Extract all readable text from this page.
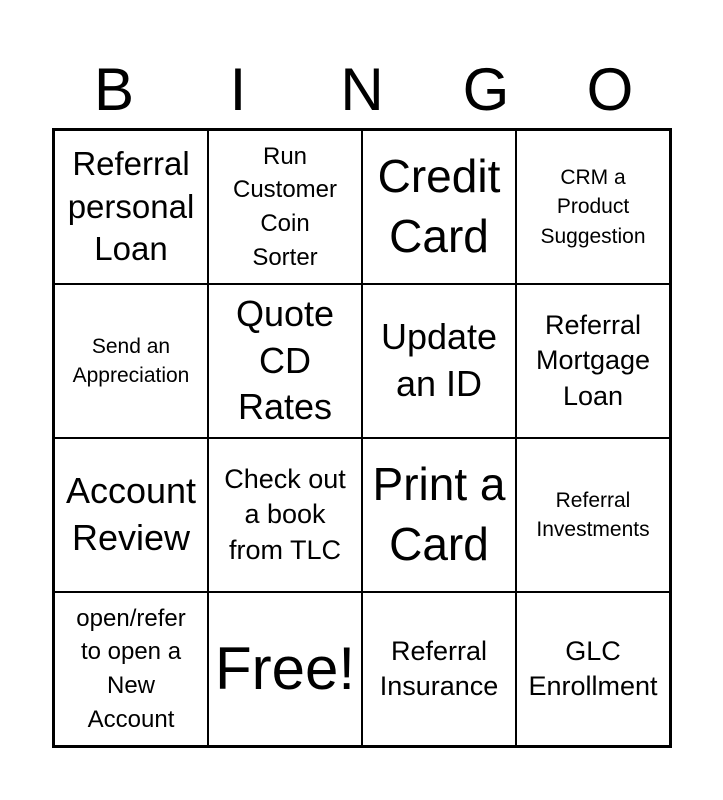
B	I	N	G	O
Referral
personal
Loan
Run
Customer
Coin
Sorter
Credit
Card
CRM a
Product
Suggestion
Send an
Appreciation
Quote
CD
Rates
Update
an ID
Referral
Mortgage
Loan
Account
Review
Check out
a book
from TLC
Print a
Card
Referral
Investments
open/refer
to open a
New
Account
Free!	Referral
Insurance
GLC
Enrollment
